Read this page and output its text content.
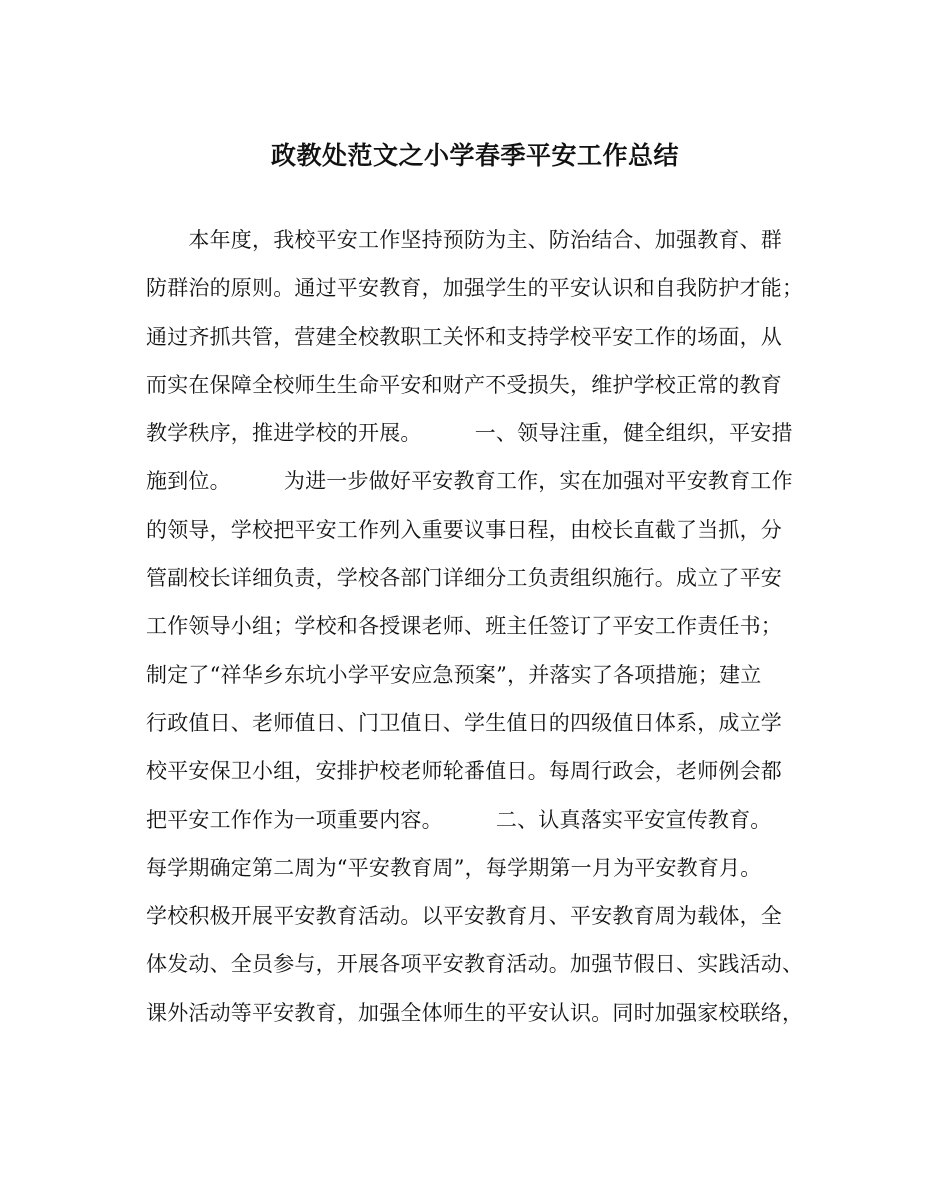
政教处范文之小学春季平安工作总结
　　本年度，我校平安工作坚持预防为主、防治结合、加强教育、群
防群治的原则。通过平安教育，加强学生的平安认识和自我防护才能；
通过齐抓共管，营建全校教职工关怀和支持学校平安工作的场面，从
而实在保障全校师生生命平安和财产不受损失，维护学校正常的教育
教学秩序，推进学校的开展。　　　一、领导注重，健全组织，平安措
施到位。　　　为进一步做好平安教育工作，实在加强对平安教育工作
的领导，学校把平安工作列入重要议事日程，由校长直截了当抓，分
管副校长详细负责，学校各部门详细分工负责组织施行。成立了平安
工作领导小组；学校和各授课老师、班主任签订了平安工作责任书；
制定了“祥华乡东坑小学平安应急预案”，并落实了各项措施；建立
行政值日、老师值日、门卫值日、学生值日的四级值日体系，成立学
校平安保卫小组，安排护校老师轮番值日。每周行政会，老师例会都
把平安工作作为一项重要内容。　　　二、认真落实平安宣传教育。
每学期确定第二周为“平安教育周”，每学期第一月为平安教育月。
学校积极开展平安教育活动。以平安教育月、平安教育周为载体，全
体发动、全员参与，开展各项平安教育活动。加强节假日、实践活动、
课外活动等平安教育，加强全体师生的平安认识。同时加强家校联络，
